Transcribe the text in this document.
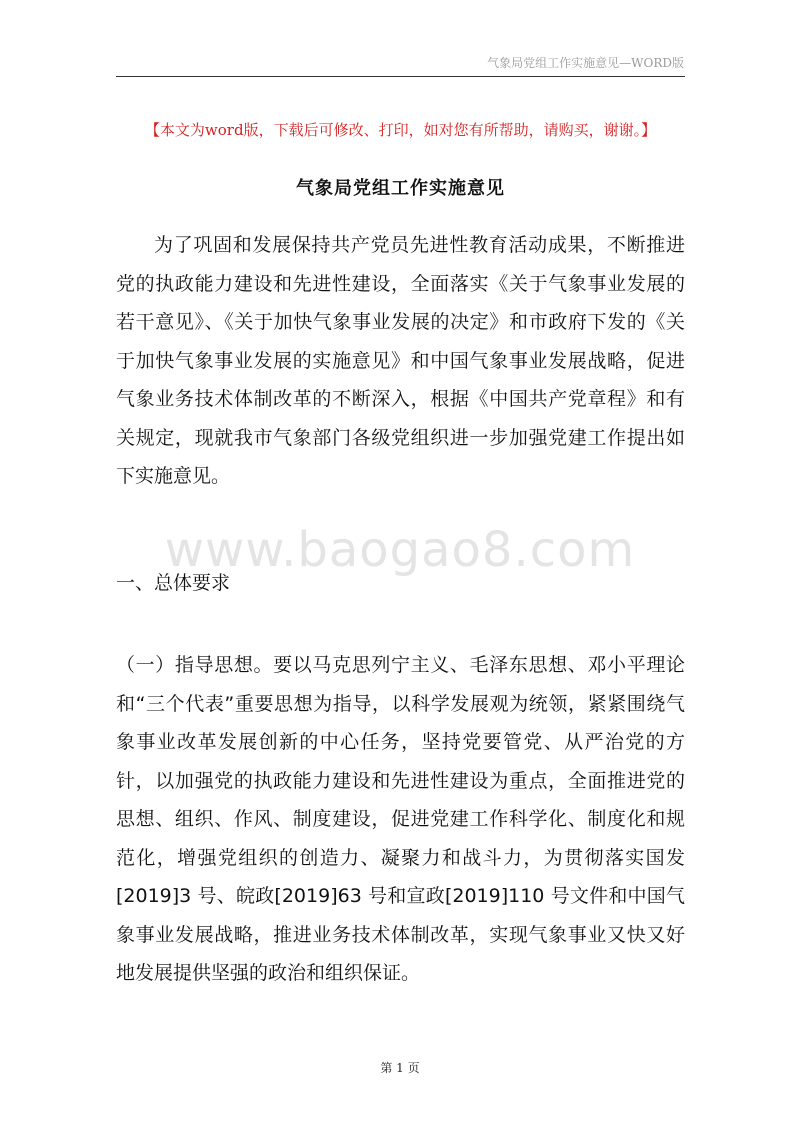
气象局党组工作实施意见—WORD版
【本文为word版，下载后可修改、打印，如对您有所帮助，请购买，谢谢。】
气象局党组工作实施意见
为了巩固和发展保持共产党员先进性教育活动成果，不断推进党的执政能力建设和先进性建设，全面落实《关于气象事业发展的若干意见》、《关于加快气象事业发展的决定》和市政府下发的《关于加快气象事业发展的实施意见》和中国气象事业发展战略，促进气象业务技术体制改革的不断深入，根据《中国共产党章程》和有关规定，现就我市气象部门各级党组织进一步加强党建工作提出如下实施意见。
www.baogao8.com
一、总体要求
（一）指导思想。要以马克思列宁主义、毛泽东思想、邓小平理论和“三个代表”重要思想为指导，以科学发展观为统领，紧紧围绕气象事业改革发展创新的中心任务，坚持党要管党、从严治党的方针，以加强党的执政能力建设和先进性建设为重点，全面推进党的思想、组织、作风、制度建设，促进党建工作科学化、制度化和规范化，增强党组织的创造力、凝聚力和战斗力，为贯彻落实国发[2019]3 号、皖政[2019]63 号和宣政[2019]110 号文件和中国气象事业发展战略，推进业务技术体制改革，实现气象事业又快又好地发展提供坚强的政治和组织保证。
第 1 页
